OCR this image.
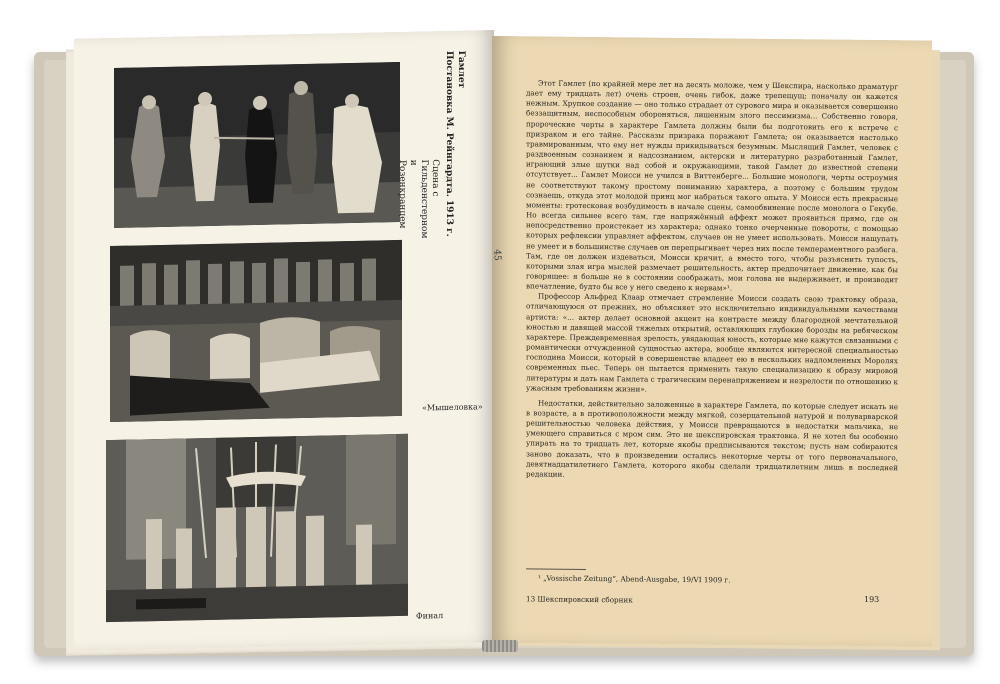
Гамлет
Постановка М. Рейнгардта. 1913 г.
Сцена с Гильденстерном и Розенкранцем
«Мышеловка»
Финал

Этот Гамлет (по крайней мере лет на десять моложе, чем у Шекспира, насколько драматург дает ему тридцать лет) очень строен, очень гибок, даже трепещущ; поначалу он кажется нежным. Хрупкое создание — оно только страдает от сурового мира и оказывается совершенно беззащитным, неспособным обороняться, лишенным злого пессимизма... Собственно говоря, пророческие черты в характере Гамлета должны были бы подготовить его к встрече с призраком и его тайне. Рассказы призрака поражают Гамлета; он оказывается настолько травмированным, что ему нет нужды прикидываться безумным. Мыслящий Гамлет, человек с раздвоенным сознанием и надсознанием, актерски и литературно разработанный Гамлет, играющий злые шутки над собой и окружающими, такой Гамлет до известной степени отсутствует... Гамлет Моисси не учился в Виттенберге... Большие монологи, черты остроумия не соответствуют такому простому пониманию характера, а поэтому с большим трудом сознаешь, откуда этот молодой принц мог набраться такого опыта. У Моисси есть прекрасные моменты: гротесковая возбудимость в начале сцены, самообвинение после монолога о Гекубе. Но всегда сильнее всего там, где напряжённый аффект может проявиться прямо, где он непосредственно проистекает из характера; однако тонко очерченные повороты, с помощью которых рефлексии управляет аффектом, случаев он не умеет использовать. Моисси нащупать не умеет и в большинстве случаев он перепрыгивает через них после темпераментного разбега. Там, где он должен издеваться, Моисси кричит, а вместо того, чтобы разъяснить тупость, которыми злая игра мыслей размечает решительность, актер предпочитает движение, как бы говорящее: я больше не в состоянии соображать, мои голова не выдерживает, и производит впечатление, будто бы все у него сведено к нервам»¹.

Профессор Альфред Клаар отмечает стремление Моисси создать свою трактовку образа, отличающуюся от прежних, но объясняет это исключительно индивидуальными качествами артиста: «... актер делает основной акцент на контрасте между благородной мечтательной юностью и давящей массой тяжелых открытий, оставляющих глубокие борозды на ребяческом характере. Преждевременная зрелость, увядающая юность, которые мне кажутся связанными с романтически отчужденной сущностью актера, вообще являются интересной специальностью господина Моисси, который в совершенстве владеет ею в нескольких надломленных Моролях современных пьес. Теперь он пытается применить такую специализацию к образу мировой литературы и дать нам Гамлета с трагическим перенапряжением и незрелости по отношению к ужасным требованиям жизни».

Недостатки, действительно заложенные в характере Гамлета, по которые следует искать не в возрасте, а в противоположности между мягкой, созерцательной натурой и полуварварской решительностью человека действия, у Моисси превращаются в недостатки мальчика, не умеющего справиться с мром сим. Это не шекспировская трактовка. Я не хотел бы особенно упирать на то тридцать лет, которые якобы предписываются текстом; пусть нам собираются заново доказать, что в произведении остались некоторые черты от того первоначального, девятнадцатилетнего Гамлета, которого якобы сделали тридцатилетним лишь в последней редакции.

¹ „Vossische Zeitung“, Abend-Ausgabe, 19/VI 1909 г.
13 Шекспировский сборник	193
45
